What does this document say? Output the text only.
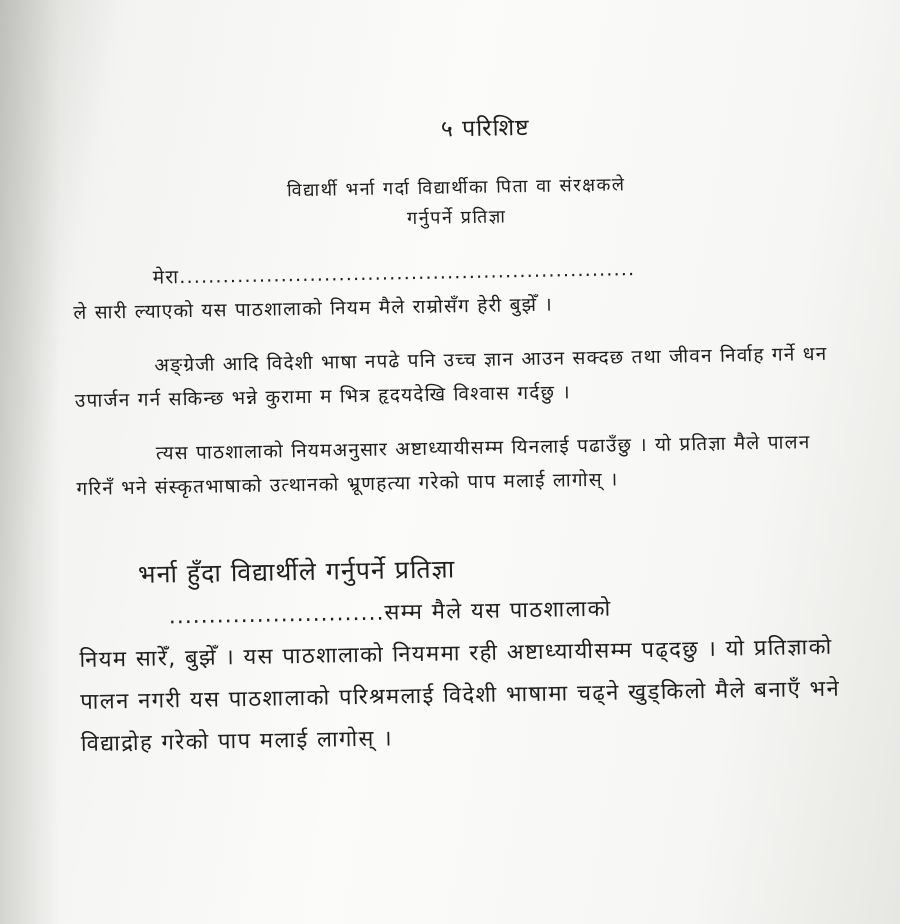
५ परिशिष्ट
विद्यार्थी भर्ना गर्दा विद्यार्थीका पिता वा संरक्षकले
गर्नुपर्ने प्रतिज्ञा
मेरा...............................................................
ले सारी ल्याएको यस पाठशालाको नियम मैले राम्रोसँग हेरी बुझेँ ।

अङ्ग्रेजी आदि विदेशी भाषा नपढे पनि उच्च ज्ञान आउन सक्दछ तथा जीवन निर्वाह गर्ने धन उपार्जन गर्न सकिन्छ भन्ने कुरामा म भित्र हृदयदेखि विश्वास गर्दछु ।

त्यस पाठशालाको नियमअनुसार अष्टाध्यायीसम्म यिनलाई पढाउँछु । यो प्रतिज्ञा मैले पालन गरिनँ भने संस्कृतभाषाको उत्थानको भ्रूणहत्या गरेको पाप मलाई लागोस् ।

भर्ना हुँदा विद्यार्थीले गर्नुपर्ने प्रतिज्ञा
...........................सम्म मैले यस पाठशालाको

नियम सारेँ, बुझेँ । यस पाठशालाको नियममा रही अष्टाध्यायीसम्म पढ्दछु । यो प्रतिज्ञाको पालन नगरी यस पाठशालाको परिश्रमलाई विदेशी भाषामा चढ्ने खुड्किलो मैले बनाएँ भने विद्याद्रोह गरेको पाप मलाई लागोस् ।
